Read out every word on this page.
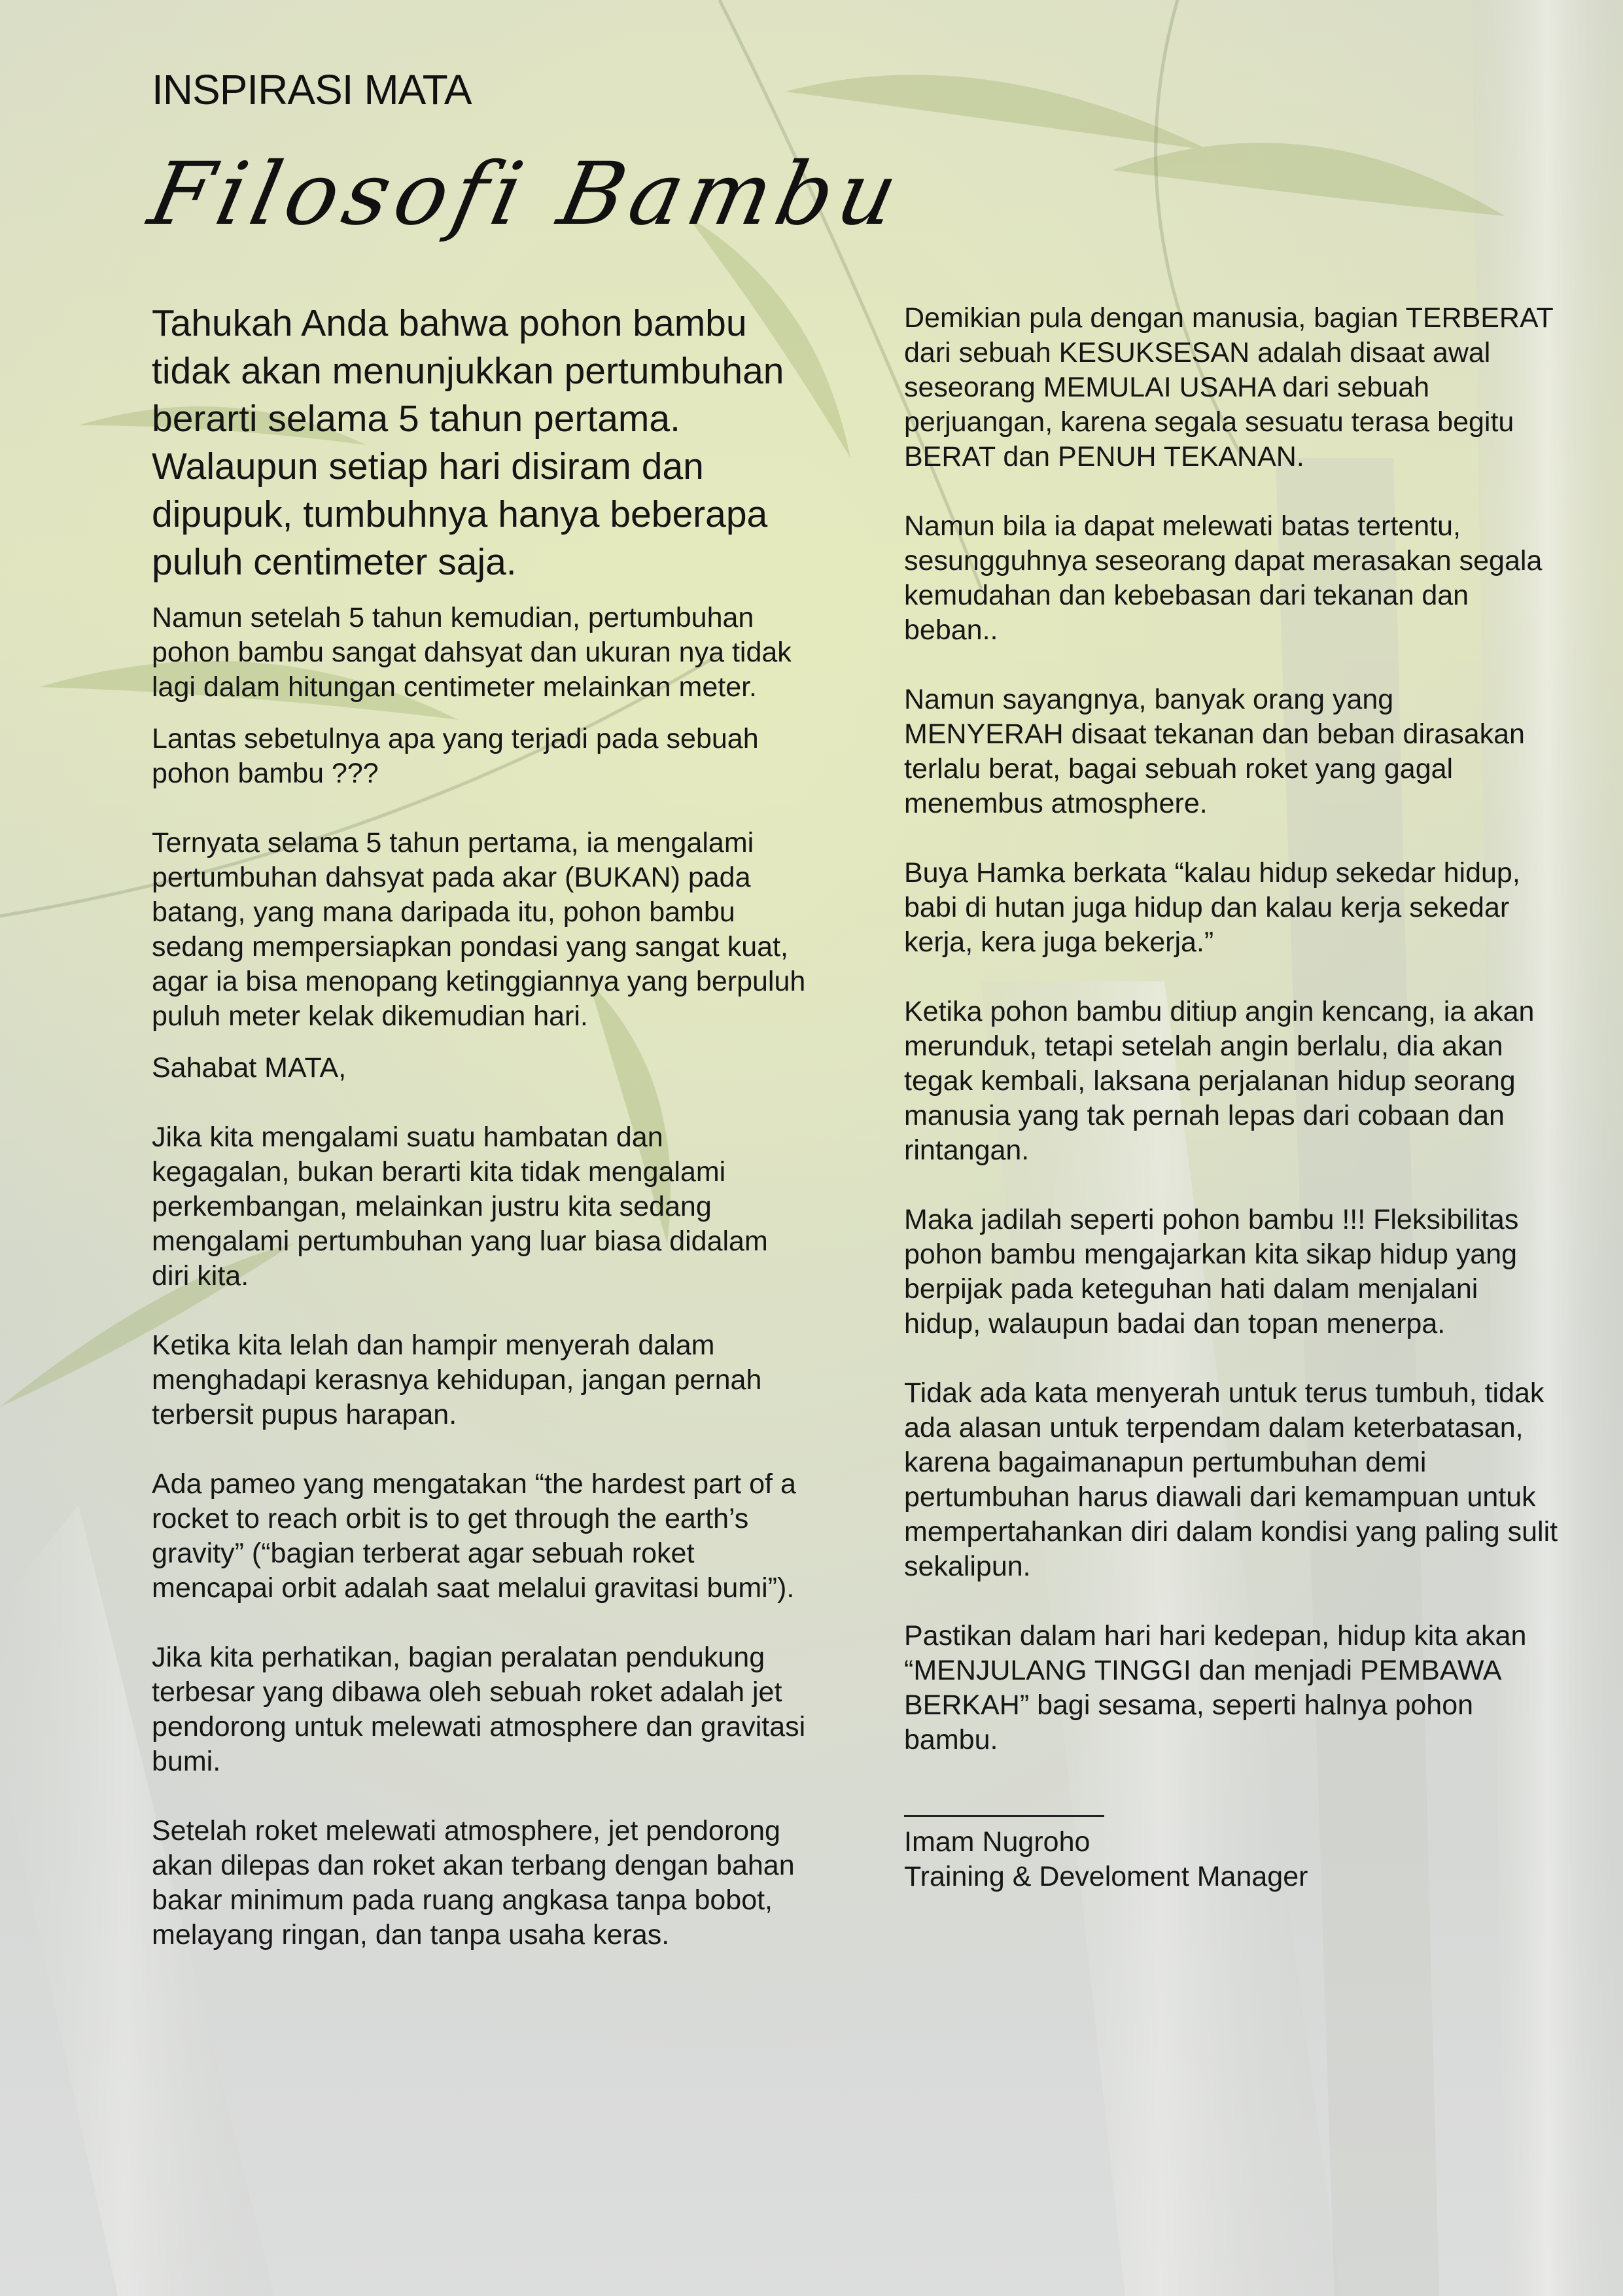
INSPIRASI MATA
Filosofi Bambu

Tahukah Anda bahwa pohon bambu tidak akan menunjukkan pertumbuhan berarti selama 5 tahun pertama. Walaupun setiap hari disiram dan dipupuk, tumbuhnya hanya beberapa puluh centimeter saja.

Namun setelah 5 tahun kemudian, pertumbuhan pohon bambu sangat dahsyat dan ukuran nya tidak lagi dalam hitungan centimeter melainkan meter.

Lantas sebetulnya apa yang terjadi pada sebuah pohon bambu ???

Ternyata selama 5 tahun pertama, ia mengalami pertumbuhan dahsyat pada akar (BUKAN) pada batang, yang mana daripada itu, pohon bambu sedang mempersiapkan pondasi yang sangat kuat, agar ia bisa menopang ketinggiannya yang berpuluh puluh meter kelak dikemudian hari.

Sahabat MATA,

Jika kita mengalami suatu hambatan dan kegagalan, bukan berarti kita tidak mengalami perkembangan, melainkan justru kita sedang mengalami pertumbuhan yang luar biasa didalam diri kita.

Ketika kita lelah dan hampir menyerah dalam menghadapi kerasnya kehidupan, jangan pernah terbersit pupus harapan.

Ada pameo yang mengatakan “the hardest part of a rocket to reach orbit is to get through the earth’s gravity” (“bagian terberat agar sebuah roket mencapai orbit adalah saat melalui gravitasi bumi”).

Jika kita perhatikan, bagian peralatan pendukung terbesar yang dibawa oleh sebuah roket adalah jet pendorong untuk melewati atmosphere dan gravitasi bumi.

Setelah roket melewati atmosphere, jet pendorong akan dilepas dan roket akan terbang dengan bahan bakar minimum pada ruang angkasa tanpa bobot, melayang ringan, dan tanpa usaha keras.

Demikian pula dengan manusia, bagian TERBERAT dari sebuah KESUKSESAN adalah disaat awal seseorang MEMULAI USAHA dari sebuah perjuangan, karena segala sesuatu terasa begitu BERAT dan PENUH TEKANAN.

Namun bila ia dapat melewati batas tertentu, sesungguhnya seseorang dapat merasakan segala kemudahan dan kebebasan dari tekanan dan beban..

Namun sayangnya, banyak orang yang MENYERAH disaat tekanan dan beban dirasakan terlalu berat, bagai sebuah roket yang gagal menembus atmosphere.

Buya Hamka berkata “kalau hidup sekedar hidup, babi di hutan juga hidup dan kalau kerja sekedar kerja, kera juga bekerja.”

Ketika pohon bambu ditiup angin kencang, ia akan merunduk, tetapi setelah angin berlalu, dia akan tegak kembali, laksana perjalanan hidup seorang manusia yang tak pernah lepas dari cobaan dan rintangan.

Maka jadilah seperti pohon bambu !!! Fleksibilitas pohon bambu mengajarkan kita sikap hidup yang berpijak pada keteguhan hati dalam menjalani hidup, walaupun badai dan topan menerpa.

Tidak ada kata menyerah untuk terus tumbuh, tidak ada alasan untuk terpendam dalam keterbatasan, karena bagaimanapun pertumbuhan demi pertumbuhan harus diawali dari kemampuan untuk mempertahankan diri dalam kondisi yang paling sulit sekalipun.

Pastikan dalam hari hari kedepan, hidup kita akan “MENJULANG TINGGI dan menjadi PEMBAWA BERKAH” bagi sesama, seperti halnya pohon bambu.

Imam Nugroho

Training & Develoment Manager
